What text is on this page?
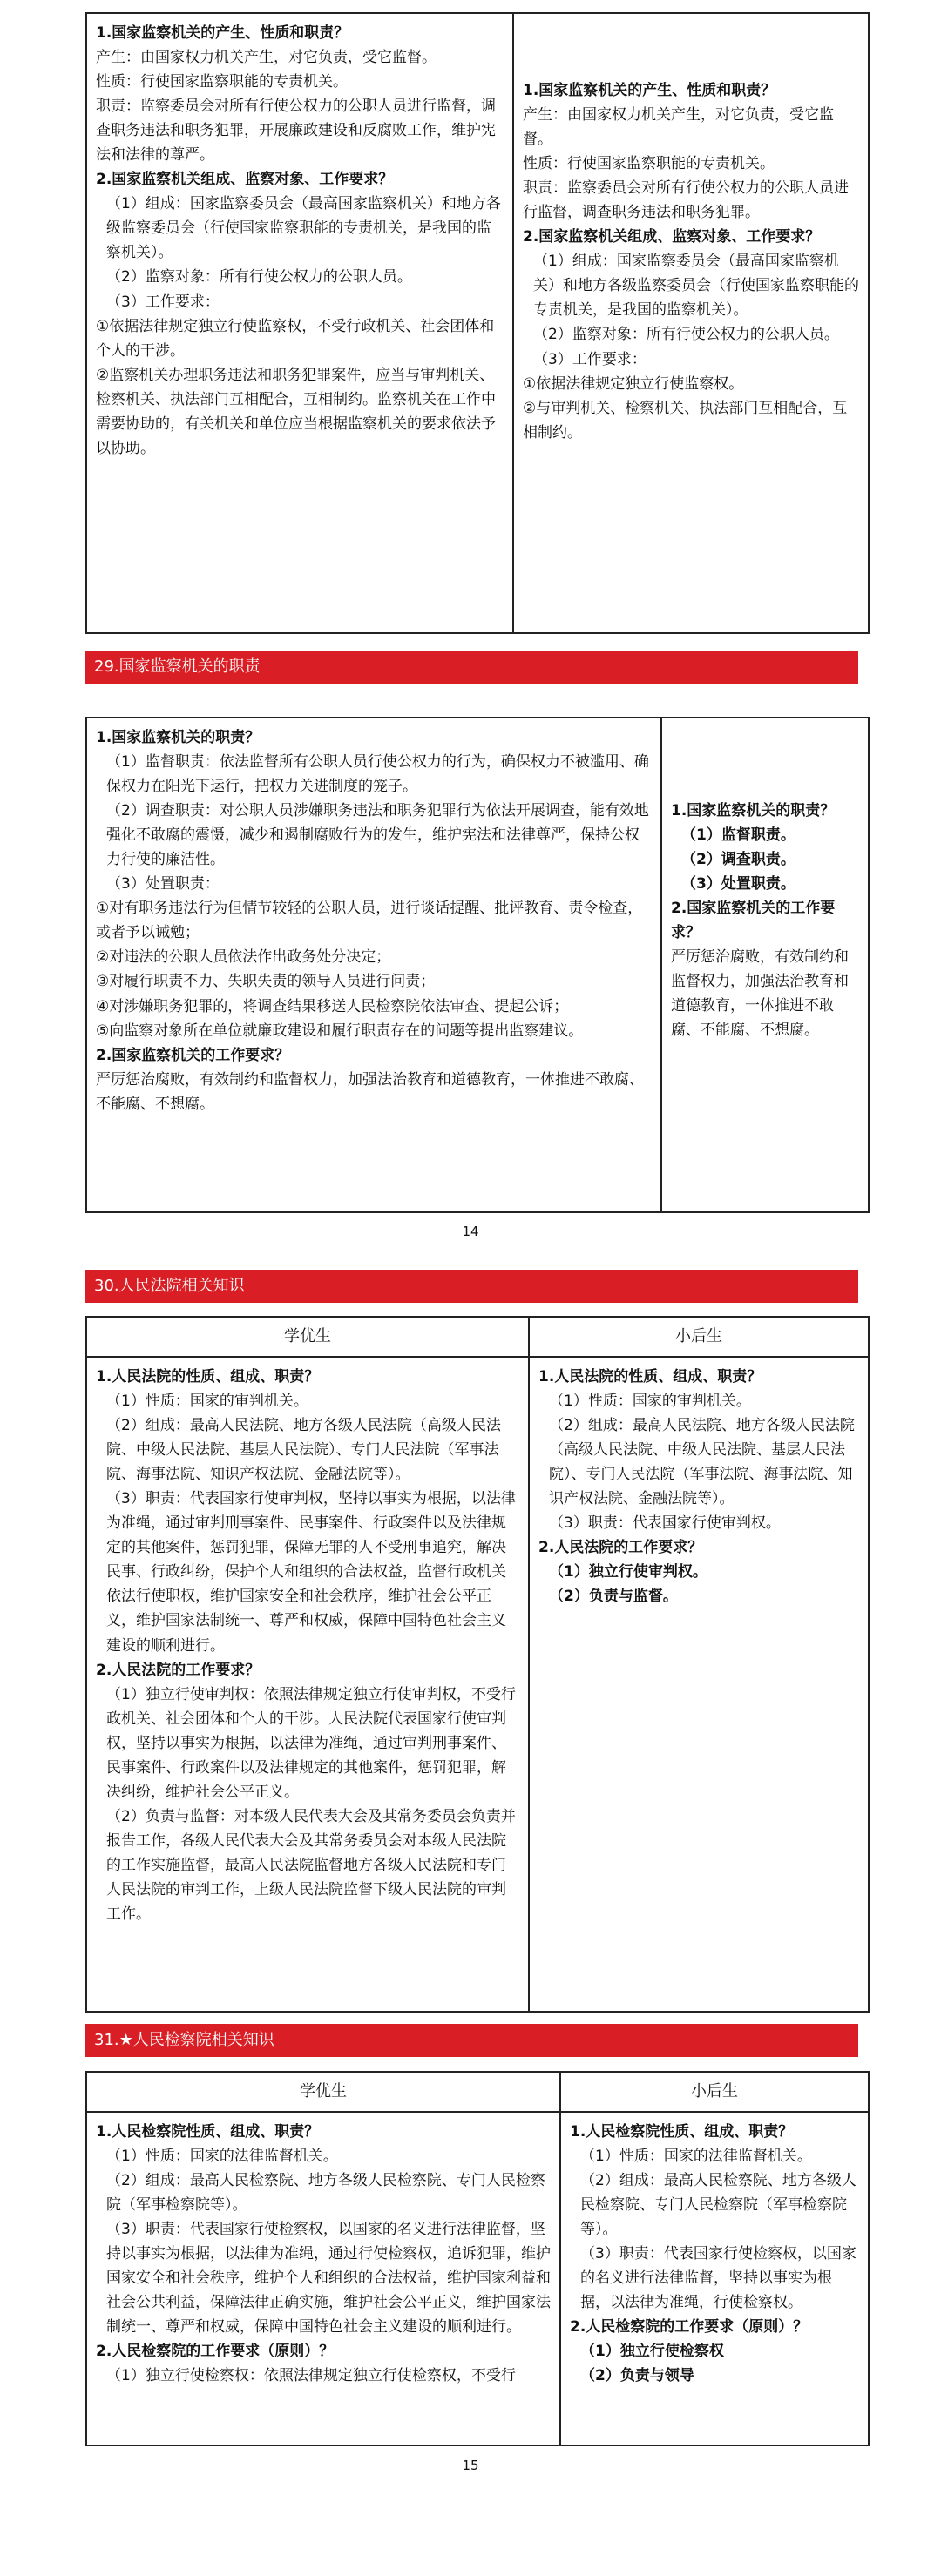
1.国家监察机关的产生、性质和职责？

产生：由国家权力机关产生，对它负责，受它监督。

性质：行使国家监察职能的专责机关。

职责：监察委员会对所有行使公权力的公职人员进行监督，调查职务违法和职务犯罪，开展廉政建设和反腐败工作，维护宪法和法律的尊严。

2.国家监察机关组成、监察对象、工作要求？

（1）组成：国家监察委员会（最高国家监察机关）和地方各级监察委员会（行使国家监察职能的专责机关，是我国的监察机关）。

（2）监察对象：所有行使公权力的公职人员。

（3）工作要求：

①依据法律规定独立行使监察权，不受行政机关、社会团体和个人的干涉。

②监察机关办理职务违法和职务犯罪案件，应当与审判机关、检察机关、执法部门互相配合，互相制约。监察机关在工作中需要协助的，有关机关和单位应当根据监察机关的要求依法予以协助。

1.国家监察机关的产生、性质和职责？

产生：由国家权力机关产生，对它负责，受它监督。

性质：行使国家监察职能的专责机关。

职责：监察委员会对所有行使公权力的公职人员进行监督，调查职务违法和职务犯罪。

2.国家监察机关组成、监察对象、工作要求？

（1）组成：国家监察委员会（最高国家监察机关）和地方各级监察委员会（行使国家监察职能的专责机关，是我国的监察机关）。

（2）监察对象：所有行使公权力的公职人员。

（3）工作要求：

①依据法律规定独立行使监察权。

②与审判机关、检察机关、执法部门互相配合，互相制约。

29.国家监察机关的职责

1.国家监察机关的职责？

（1）监督职责：依法监督所有公职人员行使公权力的行为，确保权力不被滥用、确保权力在阳光下运行，把权力关进制度的笼子。

（2）调查职责：对公职人员涉嫌职务违法和职务犯罪行为依法开展调查，能有效地强化不敢腐的震慑，减少和遏制腐败行为的发生，维护宪法和法律尊严，保持公权力行使的廉洁性。

（3）处置职责：

①对有职务违法行为但情节较轻的公职人员，进行谈话提醒、批评教育、责令检查，或者予以诫勉；

②对违法的公职人员依法作出政务处分决定；

③对履行职责不力、失职失责的领导人员进行问责；

④对涉嫌职务犯罪的，将调查结果移送人民检察院依法审查、提起公诉；

⑤向监察对象所在单位就廉政建设和履行职责存在的问题等提出监察建议。

2.国家监察机关的工作要求？

严厉惩治腐败，有效制约和监督权力，加强法治教育和道德教育，一体推进不敢腐、不能腐、不想腐。

1.国家监察机关的职责？

（1）监督职责。

（2）调查职责。

（3）处置职责。

2.国家监察机关的工作要求？

严厉惩治腐败，有效制约和监督权力，加强法治教育和道德教育，一体推进不敢腐、不能腐、不想腐。

14
30.人民法院相关知识
学优生	小后生

1.人民法院的性质、组成、职责？

（1）性质：国家的审判机关。

（2）组成：最高人民法院、地方各级人民法院（高级人民法院、中级人民法院、基层人民法院）、专门人民法院（军事法院、海事法院、知识产权法院、金融法院等）。

（3）职责：代表国家行使审判权，坚持以事实为根据，以法律为准绳，通过审判刑事案件、民事案件、行政案件以及法律规定的其他案件，惩罚犯罪，保障无罪的人不受刑事追究，解决民事、行政纠纷，保护个人和组织的合法权益，监督行政机关依法行使职权，维护国家安全和社会秩序，维护社会公平正义，维护国家法制统一、尊严和权威，保障中国特色社会主义建设的顺利进行。

2.人民法院的工作要求？

（1）独立行使审判权：依照法律规定独立行使审判权，不受行政机关、社会团体和个人的干涉。人民法院代表国家行使审判权，坚持以事实为根据，以法律为准绳，通过审判刑事案件、民事案件、行政案件以及法律规定的其他案件，惩罚犯罪，解决纠纷，维护社会公平正义。

（2）负责与监督：对本级人民代表大会及其常务委员会负责并报告工作，各级人民代表大会及其常务委员会对本级人民法院的工作实施监督，最高人民法院监督地方各级人民法院和专门人民法院的审判工作，上级人民法院监督下级人民法院的审判工作。

1.人民法院的性质、组成、职责？

（1）性质：国家的审判机关。

（2）组成：最高人民法院、地方各级人民法院（高级人民法院、中级人民法院、基层人民法院）、专门人民法院（军事法院、海事法院、知识产权法院、金融法院等）。

（3）职责：代表国家行使审判权。

2.人民法院的工作要求？

（1）独立行使审判权。

（2）负责与监督。

31.★人民检察院相关知识
学优生	小后生

1.人民检察院性质、组成、职责？

（1）性质：国家的法律监督机关。

（2）组成：最高人民检察院、地方各级人民检察院、专门人民检察院（军事检察院等）。

（3）职责：代表国家行使检察权，以国家的名义进行法律监督，坚持以事实为根据，以法律为准绳，通过行使检察权，追诉犯罪，维护国家安全和社会秩序，维护个人和组织的合法权益，维护国家利益和社会公共利益，保障法律正确实施，维护社会公平正义，维护国家法制统一、尊严和权威，保障中国特色社会主义建设的顺利进行。

2.人民检察院的工作要求（原则）？

（1）独立行使检察权：依照法律规定独立行使检察权，不受行

1.人民检察院性质、组成、职责？

（1）性质：国家的法律监督机关。

（2）组成：最高人民检察院、地方各级人民检察院、专门人民检察院（军事检察院等）。

（3）职责：代表国家行使检察权，以国家的名义进行法律监督，坚持以事实为根据，以法律为准绳，行使检察权。

2.人民检察院的工作要求（原则）？

（1）独立行使检察权

（2）负责与领导

15
